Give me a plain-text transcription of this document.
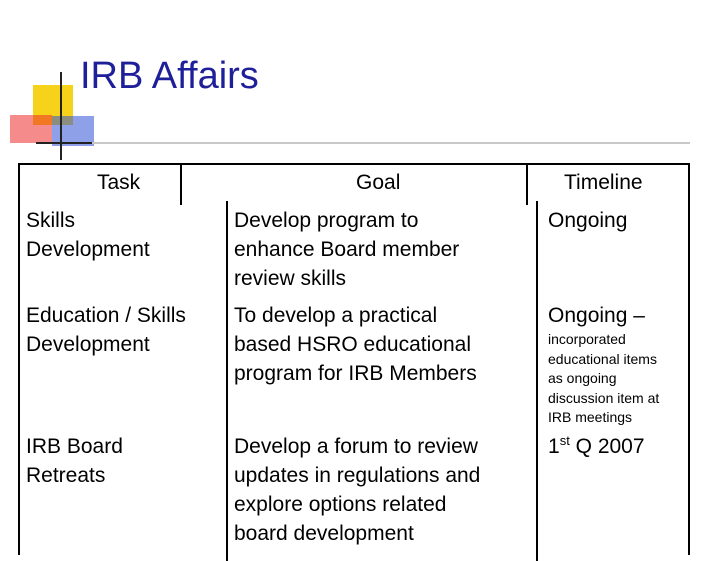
IRB Affairs
Task	Goal	Timeline
Skills
Development
Develop program to
enhance Board member
review skills
Ongoing
Education / Skills
Development
To develop a practical
based HSRO educational
program for IRB Members
Ongoing –
incorporated
educational items
as ongoing
discussion item at
IRB meetings
IRB Board
Retreats
Develop a forum to review
updates in regulations and
explore options related
board development
1st Q 2007
